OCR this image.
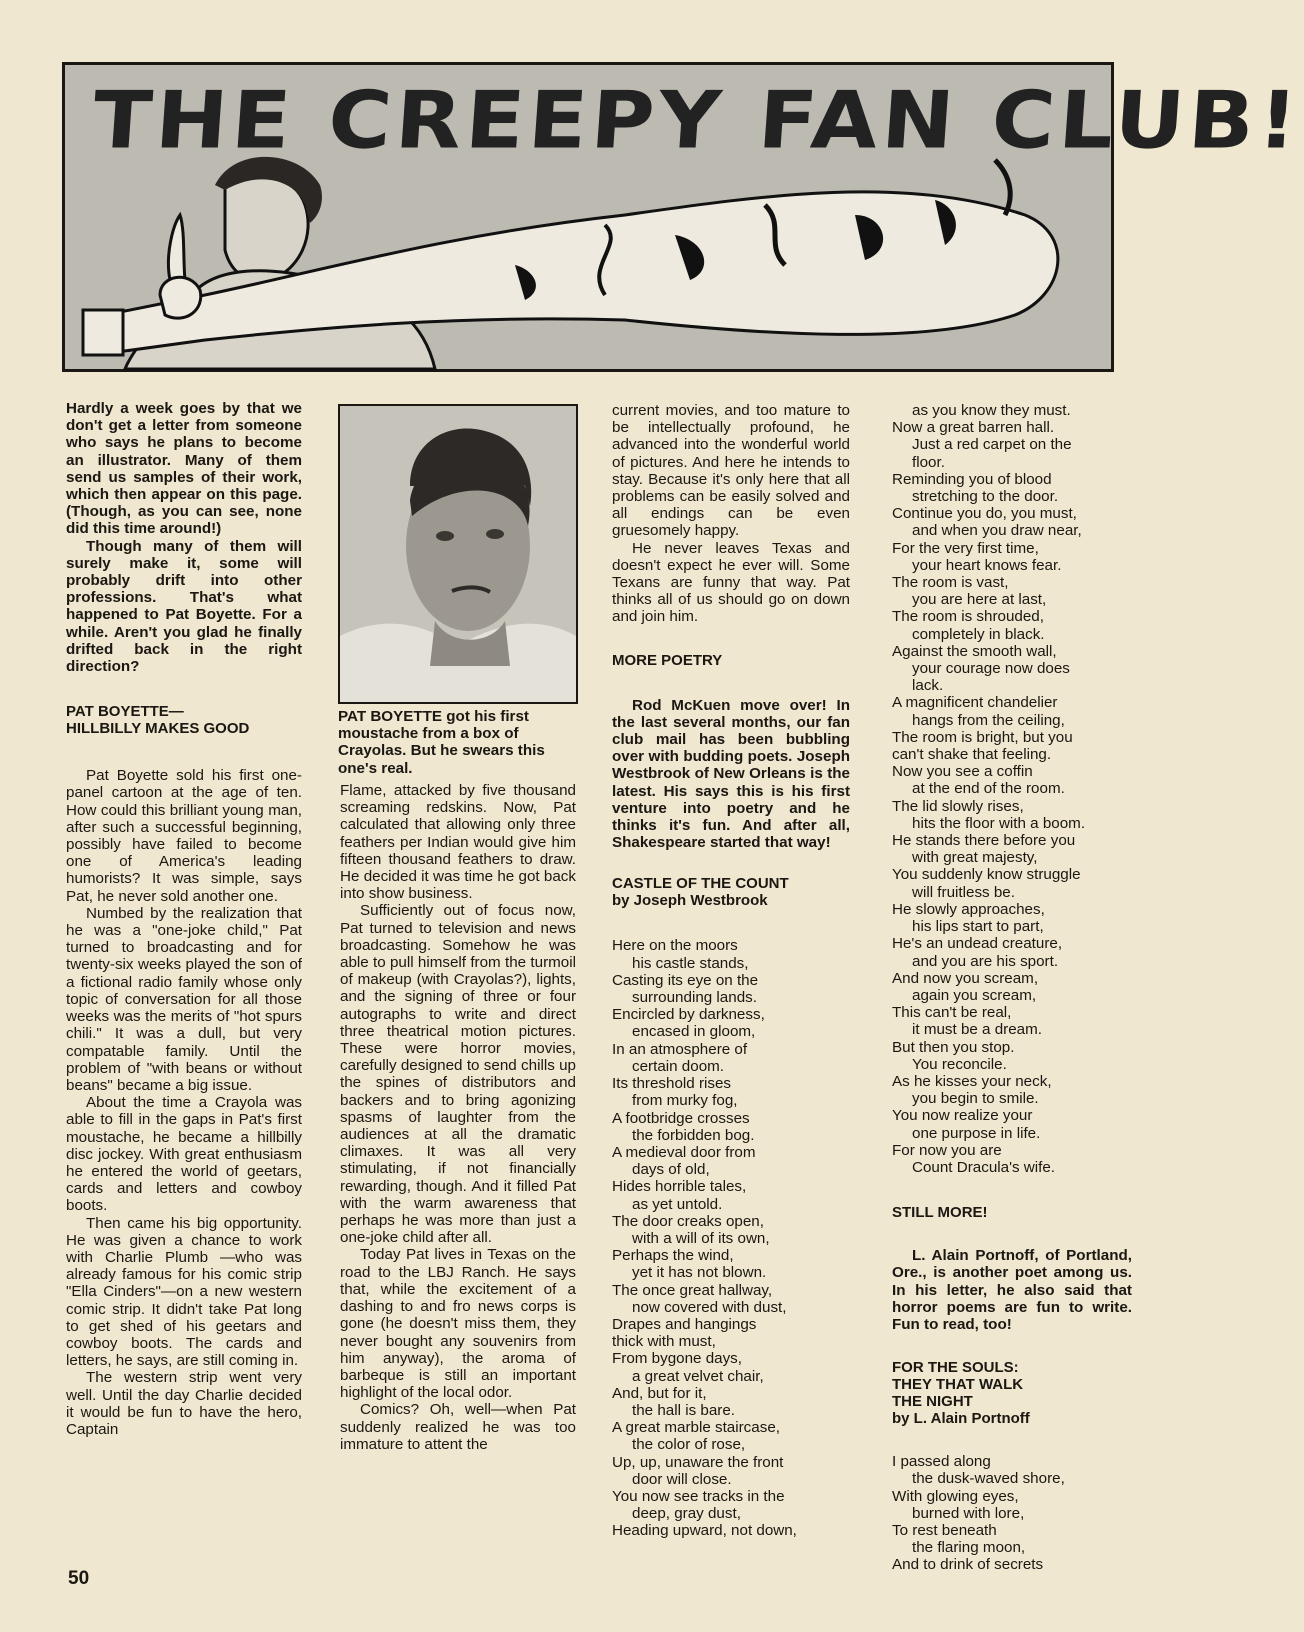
THE CREEPY FAN CLUB!

Hardly a week goes by that we don't get a letter from someone who says he plans to become an illustrator. Many of them send us samples of their work, which then appear on this page. (Though, as you can see, none did this time around!)

Though many of them will surely make it, some will probably drift into other professions. That's what happened to Pat Boyette. For a while. Aren't you glad he finally drifted back in the right direction?

PAT BOYETTE—
HILLBILLY MAKES GOOD

Pat Boyette sold his first one-panel cartoon at the age of ten. How could this brilliant young man, after such a successful beginning, possibly have failed to become one of America's leading humorists? It was simple, says Pat, he never sold another one.

Numbed by the realization that he was a "one-joke child," Pat turned to broadcasting and for twenty-six weeks played the son of a fictional radio family whose only topic of conversation for all those weeks was the merits of "hot spurs chili." It was a dull, but very compatable family. Until the problem of "with beans or without beans" became a big issue.

About the time a Crayola was able to fill in the gaps in Pat's first moustache, he became a hillbilly disc jockey. With great enthusiasm he entered the world of geetars, cards and letters and cowboy boots.

Then came his big opportunity. He was given a chance to work with Charlie Plumb —who was already famous for his comic strip "Ella Cinders"—on a new western comic strip. It didn't take Pat long to get shed of his geetars and cowboy boots. The cards and letters, he says, are still coming in.

The western strip went very well. Until the day Charlie decided it would be fun to have the hero, Captain

PAT BOYETTE got his first moustache from a box of Crayolas. But he swears this one's real.

Flame, attacked by five thousand screaming redskins. Now, Pat calculated that allowing only three feathers per Indian would give him fifteen thousand feathers to draw. He decided it was time he got back into show business.

Sufficiently out of focus now, Pat turned to television and news broadcasting. Somehow he was able to pull himself from the turmoil of makeup (with Crayolas?), lights, and the signing of three or four autographs to write and direct three theatrical motion pictures. These were horror movies, carefully designed to send chills up the spines of distributors and backers and to bring agonizing spasms of laughter from the audiences at all the dramatic climaxes. It was all very stimulating, if not financially rewarding, though. And it filled Pat with the warm awareness that perhaps he was more than just a one-joke child after all.

Today Pat lives in Texas on the road to the LBJ Ranch. He says that, while the excitement of a dashing to and fro news corps is gone (he doesn't miss them, they never bought any souvenirs from him anyway), the aroma of barbeque is still an important highlight of the local odor.

Comics? Oh, well—when Pat suddenly realized he was too immature to attent the

current movies, and too mature to be intellectually profound, he advanced into the wonderful world of pictures. And here he intends to stay. Because it's only here that all problems can be easily solved and all endings can be even gruesomely happy.

He never leaves Texas and doesn't expect he ever will. Some Texans are funny that way. Pat thinks all of us should go on down and join him.

MORE POETRY

Rod McKuen move over! In the last several months, our fan club mail has been bubbling over with budding poets. Joseph Westbrook of New Orleans is the latest. His says this is his first venture into poetry and he thinks it's fun. And after all, Shakespeare started that way!

CASTLE OF THE COUNT
by Joseph Westbrook
Here on the moors
his castle stands,
Casting its eye on the
surrounding lands.
Encircled by darkness,
encased in gloom,
In an atmosphere of
certain doom.
Its threshold rises
from murky fog,
A footbridge crosses
the forbidden bog.
A medieval door from
days of old,
Hides horrible tales,
as yet untold.
The door creaks open,
with a will of its own,
Perhaps the wind,
yet it has not blown.
The once great hallway,
now covered with dust,
Drapes and hangings
thick with must,
From bygone days,
a great velvet chair,
And, but for it,
the hall is bare.
A great marble staircase,
the color of rose,
Up, up, unaware the front
door will close.
You now see tracks in the
deep, gray dust,
Heading upward, not down,
as you know they must.
Now a great barren hall.
Just a red carpet on the
floor.
Reminding you of blood
stretching to the door.
Continue you do, you must,
and when you draw near,
For the very first time,
your heart knows fear.
The room is vast,
you are here at last,
The room is shrouded,
completely in black.
Against the smooth wall,
your courage now does
lack.
A magnificent chandelier
hangs from the ceiling,
The room is bright, but you
can't shake that feeling.
Now you see a coffin
at the end of the room.
The lid slowly rises,
hits the floor with a boom.
He stands there before you
with great majesty,
You suddenly know struggle
will fruitless be.
He slowly approaches,
his lips start to part,
He's an undead creature,
and you are his sport.
And now you scream,
again you scream,
This can't be real,
it must be a dream.
But then you stop.
You reconcile.
As he kisses your neck,
you begin to smile.
You now realize your
one purpose in life.
For now you are
Count Dracula's wife.
STILL MORE!

L. Alain Portnoff, of Portland, Ore., is another poet among us. In his letter, he also said that horror poems are fun to write. Fun to read, too!

FOR THE SOULS:
THEY THAT WALK
THE NIGHT
by L. Alain Portnoff
I passed along
the dusk-waved shore,
With glowing eyes,
burned with lore,
To rest beneath
the flaring moon,
And to drink of secrets
50
